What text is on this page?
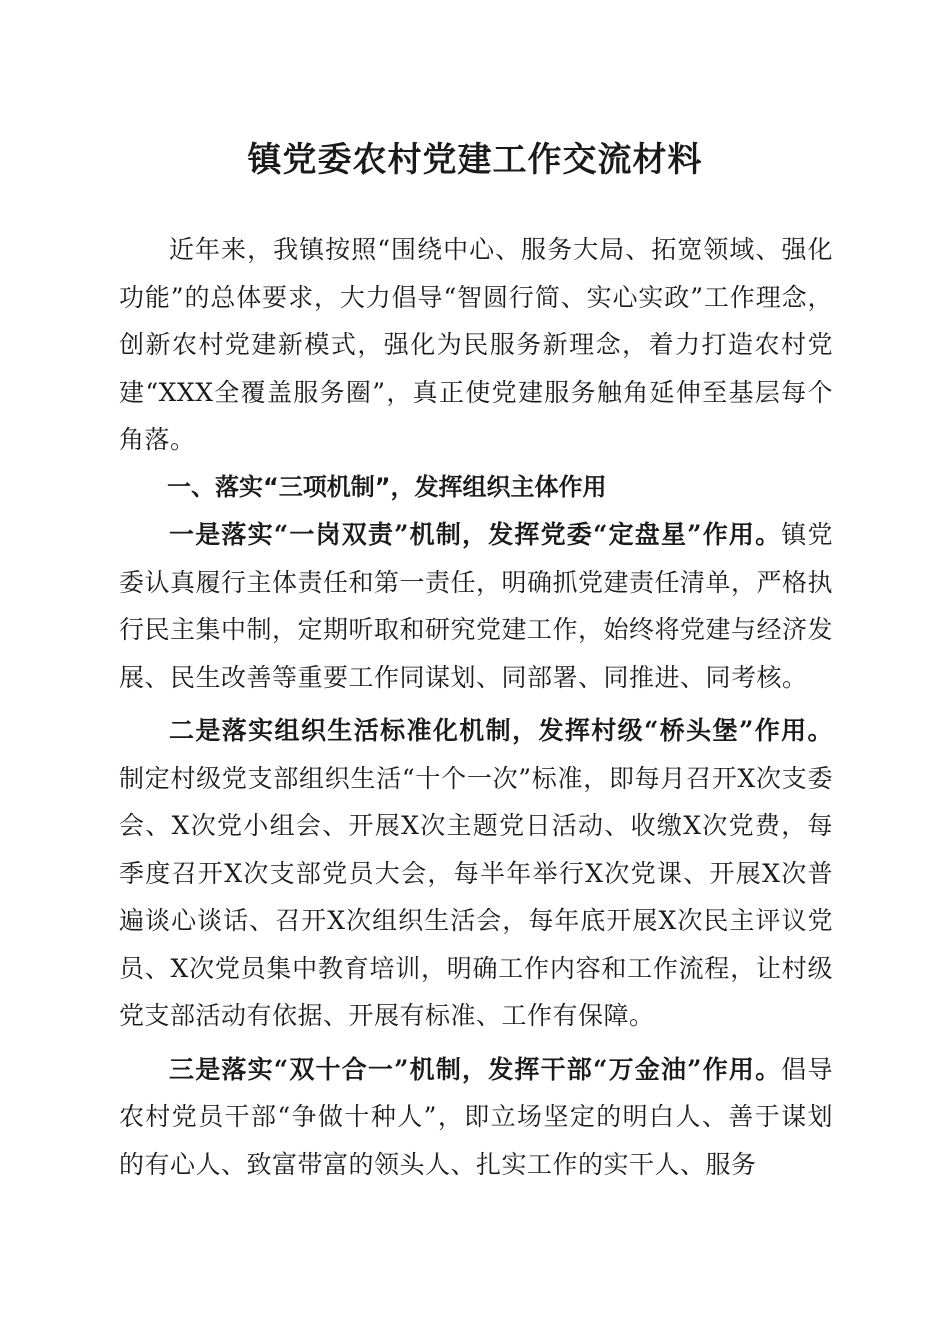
镇党委农村党建工作交流材料

近年来，我镇按照“围绕中心、服务大局、拓宽领域、强化功能”的总体要求，大力倡导“智圆行简、实心实政”工作理念，创新农村党建新模式，强化为民服务新理念，着力打造农村党建“XXX全覆盖服务圈”，真正使党建服务触角延伸至基层每个角落。

一、落实“三项机制”，发挥组织主体作用

一是落实“一岗双责”机制，发挥党委“定盘星”作用。镇党委认真履行主体责任和第一责任，明确抓党建责任清单，严格执行民主集中制，定期听取和研究党建工作，始终将党建与经济发展、民生改善等重要工作同谋划、同部署、同推进、同考核。

二是落实组织生活标准化机制，发挥村级“桥头堡”作用。制定村级党支部组织生活“十个一次”标准，即每月召开X次支委会、X次党小组会、开展X次主题党日活动、收缴X次党费，每季度召开X次支部党员大会，每半年举行X次党课、开展X次普遍谈心谈话、召开X次组织生活会，每年底开展X次民主评议党员、X次党员集中教育培训，明确工作内容和工作流程，让村级党支部活动有依据、开展有标准、工作有保障。

三是落实“双十合一”机制，发挥干部“万金油”作用。倡导农村党员干部“争做十种人”，即立场坚定的明白人、善于谋划的有心人、致富带富的领头人、扎实工作的实干人、服务
